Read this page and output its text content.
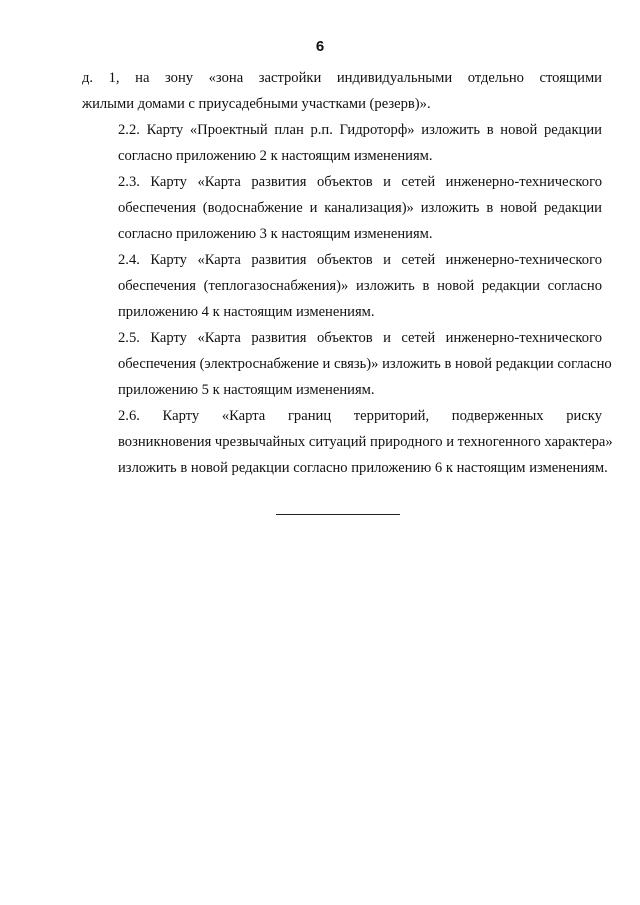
6

д. 1, на зону «зона застройки индивидуальными отдельно стоящими
жилыми домами с приусадебными участками (резерв)».

2.2. Карту «Проектный план р.п. Гидроторф» изложить в новой редакции
согласно приложению 2 к настоящим изменениям.

2.3. Карту «Карта развития объектов и сетей инженерно-технического
обеспечения (водоснабжение и канализация)» изложить в новой редакции
согласно приложению 3 к настоящим изменениям.

2.4. Карту «Карта развития объектов и сетей инженерно-технического
обеспечения (теплогазоснабжения)» изложить в новой редакции согласно
приложению 4 к настоящим изменениям.

2.5. Карту «Карта развития объектов и сетей инженерно-технического
обеспечения (электроснабжение и связь)» изложить в новой редакции согласно
приложению 5 к настоящим изменениям.

2.6. Карту «Карта границ территорий, подверженных риску
возникновения чрезвычайных ситуаций природного и техногенного характера»
изложить в новой редакции согласно приложению 6 к настоящим изменениям.
